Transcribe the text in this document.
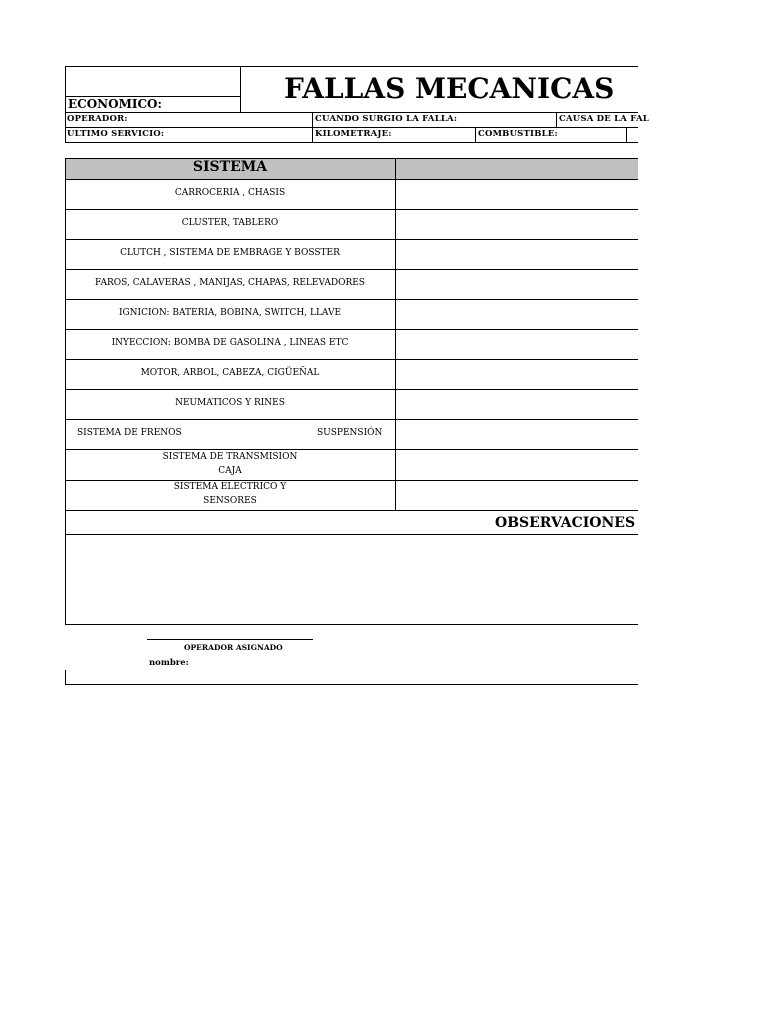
FALLAS MECANICAS
ECONOMICO:
OPERADOR:	CUANDO SURGIO LA FALLA:	CAUSA DE LA FAL
ULTIMO SERVICIO:	KILOMETRAJE:	COMBUSTIBLE:
SISTEMA
CARROCERIA , CHASIS
CLUSTER, TABLERO
CLUTCH , SISTEMA DE EMBRAGE Y BOSSTER
FAROS, CALAVERAS , MANIJAS, CHAPAS, RELEVADORES
IGNICION: BATERIA, BOBINA, SWITCH, LLAVE
INYECCION: BOMBA DE GASOLINA , LINEAS ETC
MOTOR, ARBOL, CABEZA, CIGÜEÑAL
NEUMATICOS Y RINES
SISTEMA DE FRENOS	SUSPENSIÓN
SISTEMA DE TRANSMISION
CAJA
SISTEMA ELECTRICO Y
SENSORES
OBSERVACIONES
OPERADOR ASIGNADO
nombre:
